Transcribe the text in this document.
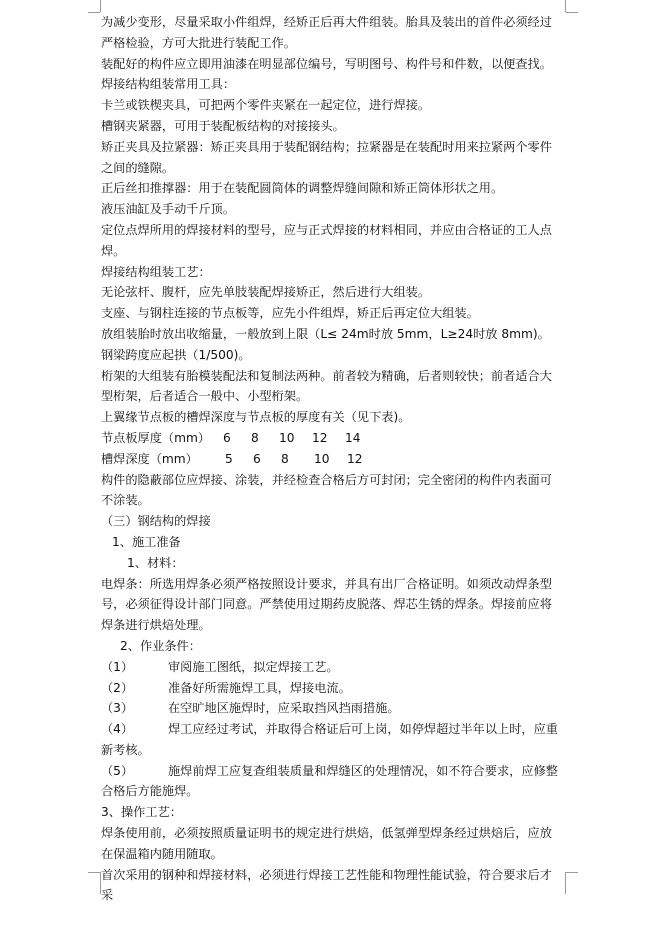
为减少变形，尽量采取小件组焊，经矫正后再大件组装。胎具及装出的首件必须经过严格检验，方可大批进行装配工作。

装配好的构件应立即用油漆在明显部位编号，写明图号、构件号和件数，以便查找。

焊接结构组装常用工具：

卡兰或铁楔夹具，可把两个零件夹紧在一起定位，进行焊接。

槽钢夹紧器，可用于装配板结构的对接接头。

矫正夹具及拉紧器：矫正夹具用于装配钢结构；拉紧器是在装配时用来拉紧两个零件之间的缝隙。

正后丝扣推撑器：用于在装配圆筒体的调整焊缝间隙和矫正筒体形状之用。

液压油缸及手动千斤顶。

定位点焊所用的焊接材料的型号，应与正式焊接的材料相同，并应由合格证的工人点焊。

焊接结构组装工艺：

无论弦杆、腹杆，应先单肢装配焊接矫正，然后进行大组装。

支座、与钢柱连接的节点板等，应先小件组焊，矫正后再定位大组装。

放组装胎时放出收缩量，一般放到上限（L≤ 24m时放 5mm，L≥24时放 8mm)。

钢梁跨度应起拱（1/500)。

桁架的大组装有胎模装配法和复制法两种。前者较为精确，后者则较快；前者适合大型桁架，后者适合一般中、小型桁架。

上翼缘节点板的槽焊深度与节点板的厚度有关（见下表)。

节点板厚度（mm）	6	8	10	12	14
槽焊深度（mm）	5	6	8	10	12

构件的隐蔽部位应焊接、涂装，并经检查合格后方可封闭；完全密闭的构件内表面可不涂装。

（三）钢结构的焊接

1、施工准备

1、材料：

电焊条：所选用焊条必须严格按照设计要求，并具有出厂合格证明。如须改动焊条型号，必须征得设计部门同意。严禁使用过期药皮脱落、焊芯生锈的焊条。焊接前应将焊条进行烘焙处理。

2、作业条件：

（1）	审阅施工图纸，拟定焊接工艺。

（2）	准备好所需施焊工具，焊接电流。

（3）	在空旷地区施焊时，应采取挡风挡雨措施。

（4）	焊工应经过考试，并取得合格证后可上岗，如停焊超过半年以上时，应重新考核。

（5）	施焊前焊工应复查组装质量和焊缝区的处理情况，如不符合要求，应修整合格后方能施焊。

3、操作工艺：

焊条使用前，必须按照质量证明书的规定进行烘焙，低氢弹型焊条经过烘焙后，应放在保温箱内随用随取。

首次采用的钢种和焊接材料，必须进行焊接工艺性能和物理性能试验，符合要求后才采
